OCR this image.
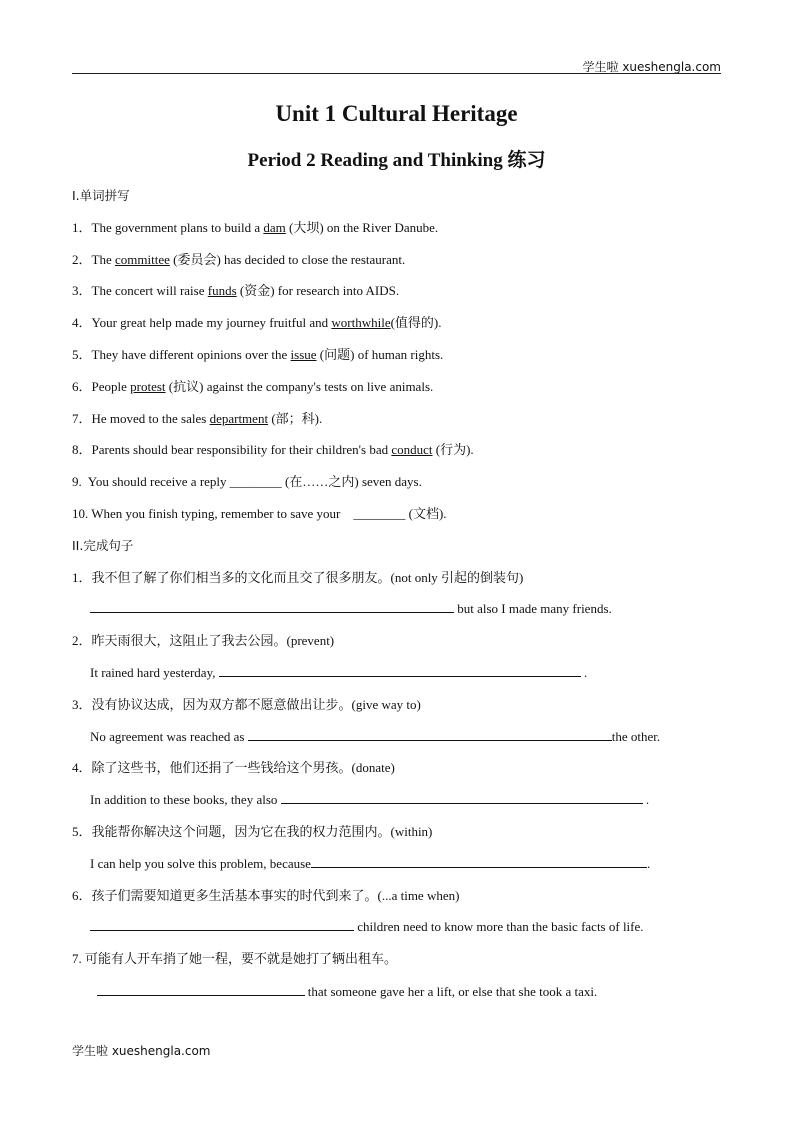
学生啦 xueshengla.com
Unit 1 Cultural Heritage
Period 2 Reading and Thinking 练习
I.单词拼写
1．The government plans to build a dam (大坝) on the River Danube.
2．The committee (委员会) has decided to close the restaurant.
3．The concert will raise funds (资金) for research into AIDS.
4．Your great help made my journey fruitful and worthwhile(值得的).
5．They have different opinions over the issue (问题) of human rights.
6．People protest (抗议) against the company's tests on live animals.
7．He moved to the sales department (部；科).
8．Parents should bear responsibility for their children's bad conduct (行为).
9.  You should receive a reply ________ (在……之内) seven days.
10. When you finish typing, remember to save your    ________ (文档).
II.完成句子
1．我不但了解了你们相当多的文化而且交了很多朋友。(not only 引起的倒装句)
but also I made many friends.
2．昨天雨很大，这阻止了我去公园。(prevent)
It rained hard yesterday,	.
3．没有协议达成，因为双方都不愿意做出让步。(give way to)
No agreement was reached as	the other.
4．除了这些书，他们还捐了一些钱给这个男孩。(donate)
In addition to these books, they also	.
5．我能帮你解决这个问题，因为它在我的权力范围内。(within)
I can help you solve this problem, because	.
6．孩子们需要知道更多生活基本事实的时代到来了。(...a time when)
children need to know more than the basic facts of life.
7. 可能有人开车捎了她一程，要不就是她打了辆出租车。
that someone gave her a lift, or else that she took a taxi.
学生啦 xueshengla.com
